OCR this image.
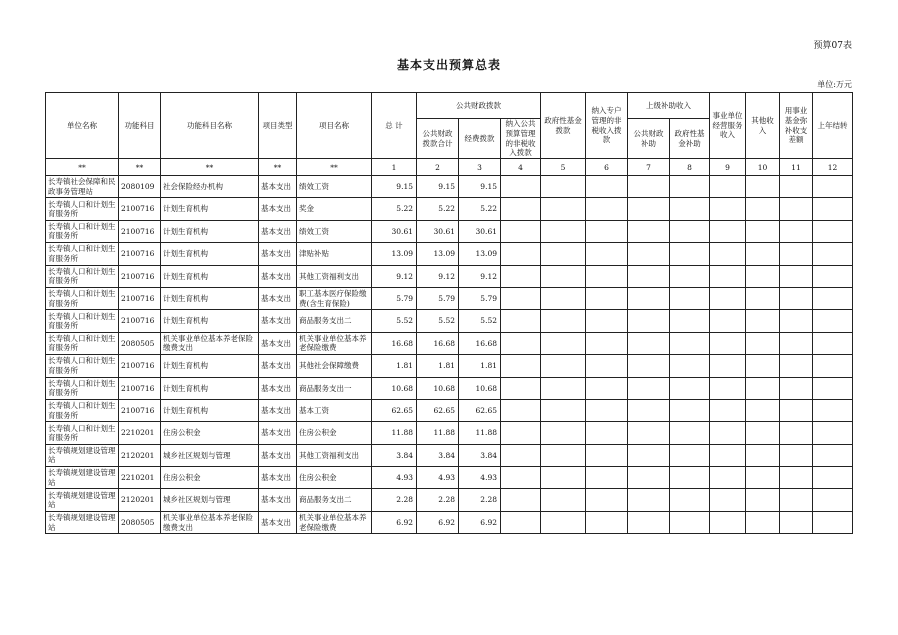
预算07表
基本支出预算总表
单位:万元
单位名称	功能科目	功能科目名称	项目类型	项目名称	总 计	公共财政拨款			政府性基金拨款	纳入专户管理的非税收入拨款	上级补助收入		事业单位经营服务收入	其他收入	用事业基金弥补收支差额	上年结转
						公共财政拨款合计	经费拨款	纳入公共预算管理的非税收入拨款			公共财政补助	政府性基金补助				
**	**	**	**	**	1	2	3	4	5	6	7	8	9	10	11	12
长寿镇社会保障和民政事务管理站	2080109	社会保险经办机构	基本支出	绩效工资	9.15	9.15	9.15									
长寿镇人口和计划生育服务所	2100716	计划生育机构	基本支出	奖金	5.22	5.22	5.22									
长寿镇人口和计划生育服务所	2100716	计划生育机构	基本支出	绩效工资	30.61	30.61	30.61									
长寿镇人口和计划生育服务所	2100716	计划生育机构	基本支出	津贴补贴	13.09	13.09	13.09									
长寿镇人口和计划生育服务所	2100716	计划生育机构	基本支出	其他工资福利支出	9.12	9.12	9.12									
长寿镇人口和计划生育服务所	2100716	计划生育机构	基本支出	职工基本医疗保险缴费(含生育保险)	5.79	5.79	5.79									
长寿镇人口和计划生育服务所	2100716	计划生育机构	基本支出	商品服务支出二	5.52	5.52	5.52									
长寿镇人口和计划生育服务所	2080505	机关事业单位基本养老保险缴费支出	基本支出	机关事业单位基本养老保险缴费	16.68	16.68	16.68									
长寿镇人口和计划生育服务所	2100716	计划生育机构	基本支出	其他社会保障缴费	1.81	1.81	1.81									
长寿镇人口和计划生育服务所	2100716	计划生育机构	基本支出	商品服务支出一	10.68	10.68	10.68									
长寿镇人口和计划生育服务所	2100716	计划生育机构	基本支出	基本工资	62.65	62.65	62.65									
长寿镇人口和计划生育服务所	2210201	住房公积金	基本支出	住房公积金	11.88	11.88	11.88									
长寿镇规划建设管理站	2120201	城乡社区规划与管理	基本支出	其他工资福利支出	3.84	3.84	3.84									
长寿镇规划建设管理站	2210201	住房公积金	基本支出	住房公积金	4.93	4.93	4.93									
长寿镇规划建设管理站	2120201	城乡社区规划与管理	基本支出	商品服务支出二	2.28	2.28	2.28									
长寿镇规划建设管理站	2080505	机关事业单位基本养老保险缴费支出	基本支出	机关事业单位基本养老保险缴费	6.92	6.92	6.92									
